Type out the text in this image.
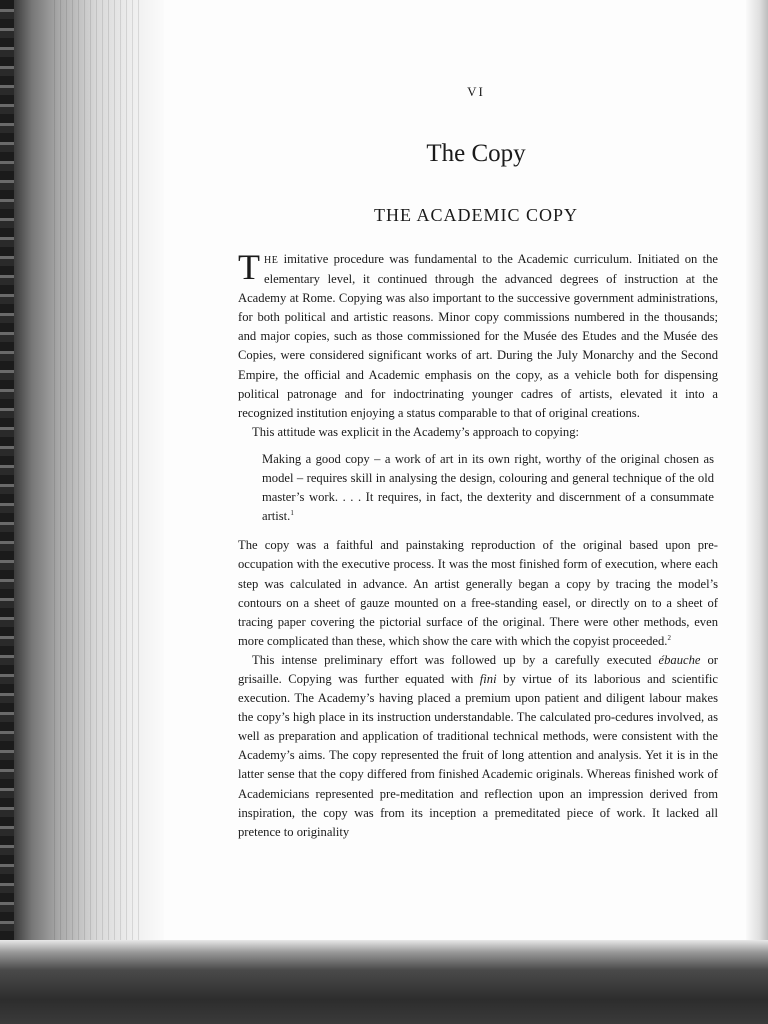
VI
The Copy
THE ACADEMIC COPY

THE imitative procedure was fundamental to the Academic curriculum. Initiated on the elementary level, it continued through the advanced degrees of instruction at the Academy at Rome. Copying was also important to the successive government administrations, for both political and artistic reasons. Minor copy commissions numbered in the thousands; and major copies, such as those commissioned for the Musée des Etudes and the Musée des Copies, were considered significant works of art. During the July Monarchy and the Second Empire, the official and Academic emphasis on the copy, as a vehicle both for dispensing political patronage and for indoctrinating younger cadres of artists, elevated it into a recognized institution enjoying a status comparable to that of original creations.

This attitude was explicit in the Academy’s approach to copying:

Making a good copy – a work of art in its own right, worthy of the original chosen as model – requires skill in analysing the design, colouring and general technique of the old master’s work. . . . It requires, in fact, the dexterity and discernment of a consummate artist.$^1$

The copy was a faithful and painstaking reproduction of the original based upon pre-occupation with the executive process. It was the most finished form of execution, where each step was calculated in advance. An artist generally began a copy by tracing the model’s contours on a sheet of gauze mounted on a free-standing easel, or directly on to a sheet of tracing paper covering the pictorial surface of the original. There were other methods, even more complicated than these, which show the care with which the copyist proceeded.$^2$

This intense preliminary effort was followed up by a carefully executed ébauche or grisaille. Copying was further equated with fini by virtue of its laborious and scientific execution. The Academy’s having placed a premium upon patient and diligent labour makes the copy’s high place in its instruction understandable. The calculated pro-cedures involved, as well as preparation and application of traditional technical methods, were consistent with the Academy’s aims. The copy represented the fruit of long attention and analysis. Yet it is in the latter sense that the copy differed from finished Academic originals. Whereas finished work of Academicians represented pre-meditation and reflection upon an impression derived from inspiration, the copy was from its inception a premeditated piece of work. It lacked all pretence to originality
